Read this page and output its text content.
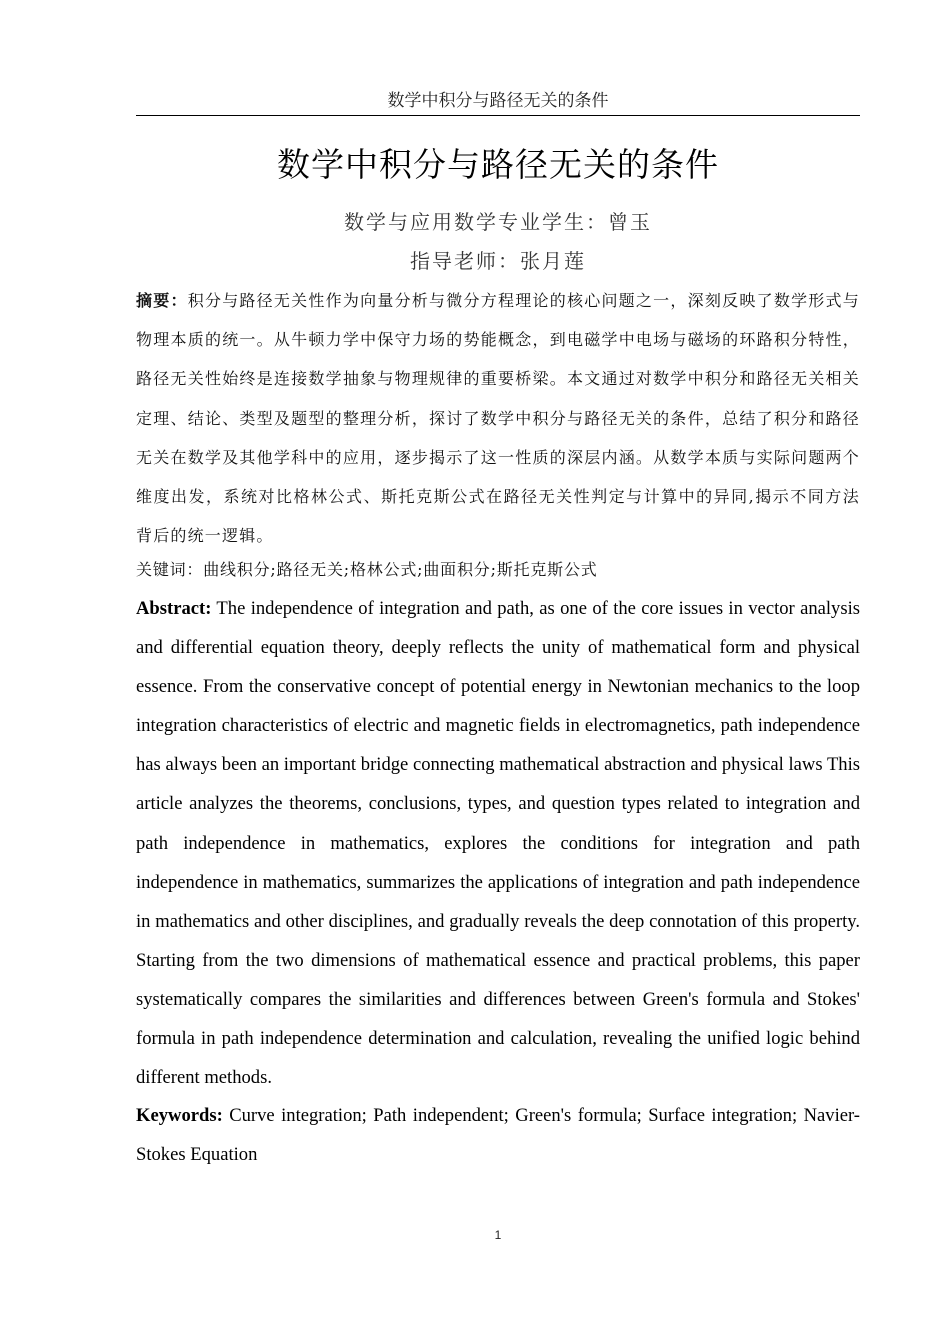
数学中积分与路径无关的条件
数学中积分与路径无关的条件
数学与应用数学专业学生：曾玉
指导老师：张月莲
摘要：积分与路径无关性作为向量分析与微分方程理论的核心问题之一，深刻反映了数学形式与物理本质的统一。从牛顿力学中保守力场的势能概念，到电磁学中电场与磁场的环路积分特性，路径无关性始终是连接数学抽象与物理规律的重要桥梁。本文通过对数学中积分和路径无关相关定理、结论、类型及题型的整理分析，探讨了数学中积分与路径无关的条件，总结了积分和路径无关在数学及其他学科中的应用，逐步揭示了这一性质的深层内涵。从数学本质与实际问题两个维度出发，系统对比格林公式、斯托克斯公式在路径无关性判定与计算中的异同,揭示不同方法背后的统一逻辑。
关键词：曲线积分;路径无关;格林公式;曲面积分;斯托克斯公式
Abstract: The independence of integration and path, as one of the core issues in vector analysis and differential equation theory, deeply reflects the unity of mathematical form and physical essence. From the conservative concept of potential energy in Newtonian mechanics to the loop integration characteristics of electric and magnetic fields in electromagnetics, path independence has always been an important bridge connecting mathematical abstraction and physical laws This article analyzes the theorems, conclusions, types, and question types related to integration and path independence in mathematics, explores the conditions for integration and path independence in mathematics, summarizes the applications of integration and path independence in mathematics and other disciplines, and gradually reveals the deep connotation of this property. Starting from the two dimensions of mathematical essence and practical problems, this paper systematically compares the similarities and differences between Green's formula and Stokes' formula in path independence determination and calculation, revealing the unified logic behind different methods.
Keywords: Curve integration; Path independent; Green's formula; Surface integration; Navier-Stokes Equation
1
